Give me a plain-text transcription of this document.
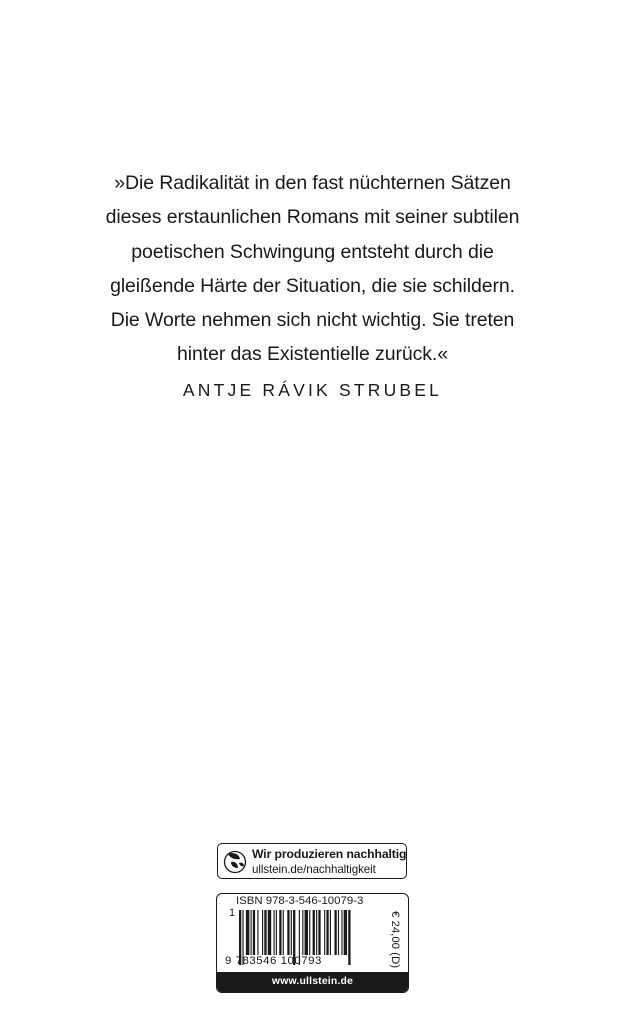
»Die Radikalität in den fast nüchternen Sätzen
dieses erstaunlichen Romans mit seiner subtilen
poetischen Schwingung entsteht durch die
gleißende Härte der Situation, die sie schildern.
Die Worte nehmen sich nicht wichtig. Sie treten
hinter das Existentielle zurück.«
ANTJE RÁVIK STRUBEL
Wir produzieren nachhaltig
ullstein.de/nachhaltigkeit
ISBN 978-3-546-10079-3
1
9 783546 100793	€ 24,00 (D)
www.ullstein.de
